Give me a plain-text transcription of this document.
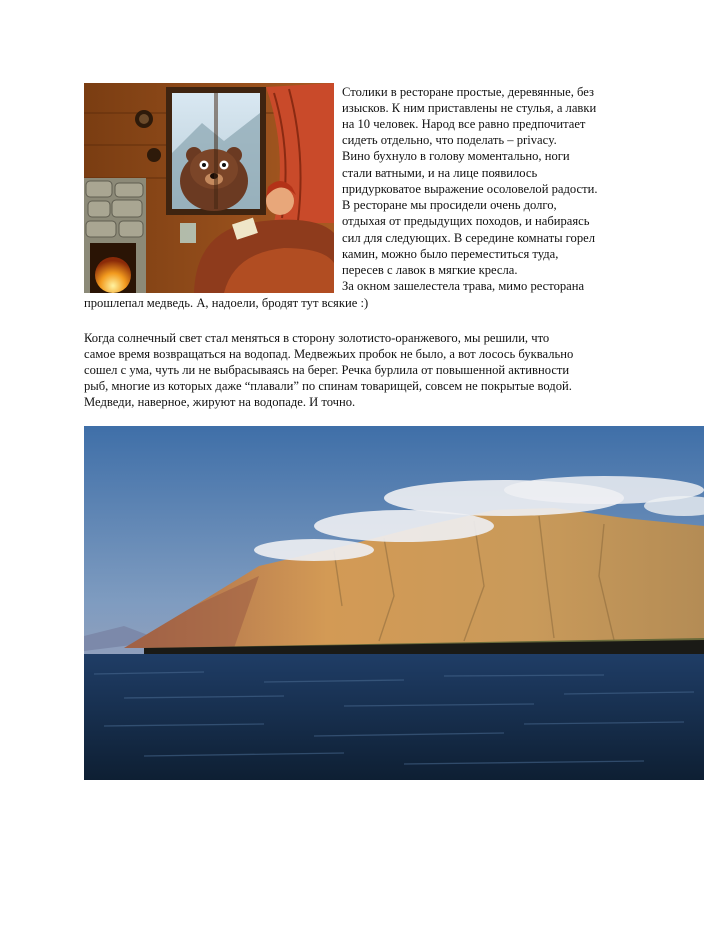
Столики в ресторане простые, деревянные, без
изысков. К ним приставлены не стулья, а лавки
на 10 человек. Народ все равно предпочитает
сидеть отдельно, что поделать – privacy.
Вино бухнуло в голову моментально, ноги
стали ватными, и на лице появилось
придурковатое выражение осоловелой радости.
В ресторане мы просидели очень долго,
отдыхая от предыдущих походов, и набираясь
сил для следующих. В середине комнаты горел
камин, можно было переместиться туда,
пересев с лавок в мягкие кресла.
За окном зашелестела трава, мимо ресторана
прошлепал медведь. А, надоели, бродят тут всякие :)
Когда солнечный свет стал меняться в сторону золотисто-оранжевого, мы решили, что
самое время возвращаться на водопад. Медвежьих пробок не было, а вот лосось буквально
сошел с ума, чуть ли не выбрасываясь на берег. Речка бурлила от повышенной активности
рыб, многие из которых даже “плавали” по спинам товарищей, совсем не покрытые водой.
Медведи, наверное, жируют на водопаде. И точно.
